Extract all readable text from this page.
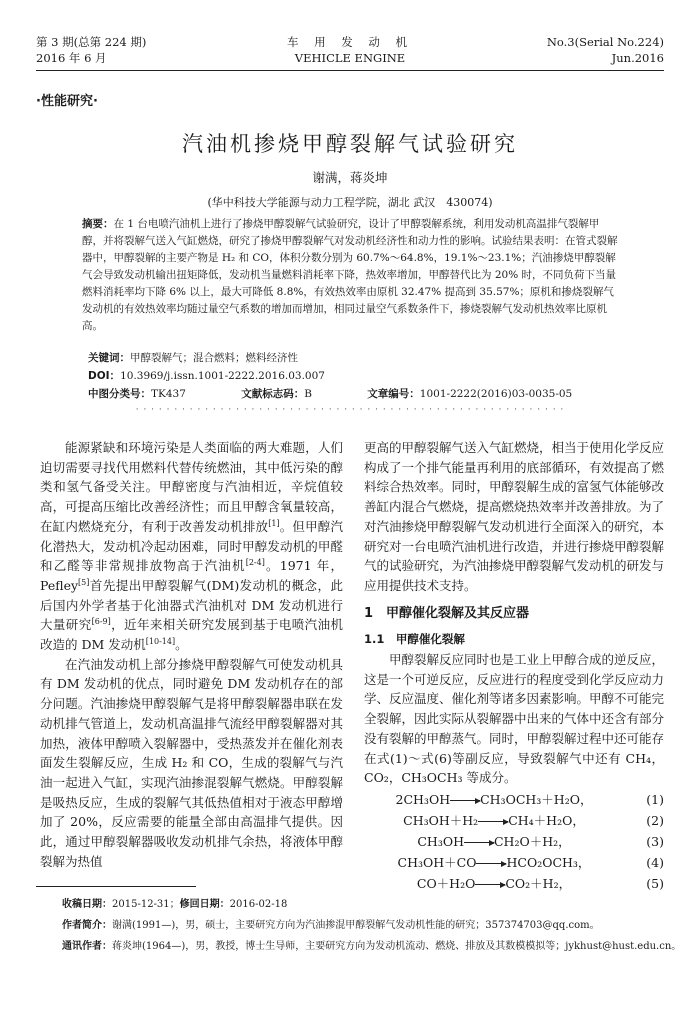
第 3 期(总第 224 期)
2016 年 6 月
车 用 发 动 机
VEHICLE ENGINE
No.3(Serial No.224)
Jun.2016
·性能研究·
汽油机掺烧甲醇裂解气试验研究
谢满，蒋炎坤
(华中科技大学能源与动力工程学院，湖北 武汉　430074)
摘要：在 1 台电喷汽油机上进行了掺烧甲醇裂解气试验研究，设计了甲醇裂解系统，利用发动机高温排气裂解甲醇，并将裂解气送入气缸燃烧，研究了掺烧甲醇裂解气对发动机经济性和动力性的影响。试验结果表明：在管式裂解器中，甲醇裂解的主要产物是 H₂ 和 CO，体积分数分别为 60.7%～64.8%，19.1%～23.1%；汽油掺烧甲醇裂解气会导致发动机输出扭矩降低，发动机当量燃料消耗率下降，热效率增加，甲醇替代比为 20% 时，不同负荷下当量燃料消耗率均下降 6% 以上，最大可降低 8.8%，有效热效率由原机 32.47% 提高到 35.57%；原机和掺烧裂解气发动机的有效热效率均随过量空气系数的增加而增加，相同过量空气系数条件下，掺烧裂解气发动机热效率比原机高。
关键词：甲醇裂解气；混合燃料；燃料经济性
DOI：10.3969/j.issn.1001-2222.2016.03.007
中图分类号：TK437	文献标志码：B	文章编号：1001-2222(2016)03-0035-05
· · · · · · · · · · · · · · · · · · · · · · · · · · · · · · · · · · · · · · · · · · · · · · · · · · · · · · · ·

能源紧缺和环境污染是人类面临的两大难题，人们迫切需要寻找代用燃料代替传统燃油，其中低污染的醇类和氢气备受关注。甲醇密度与汽油相近，辛烷值较高，可提高压缩比改善经济性；而且甲醇含氧量较高，在缸内燃烧充分，有利于改善发动机排放[1]。但甲醇汽化潜热大，发动机冷起动困难，同时甲醇发动机的甲醛和乙醛等非常规排放物高于汽油机[2-4]。1971 年，Pefley[5]首先提出甲醇裂解气(DM)发动机的概念，此后国内外学者基于化油器式汽油机对 DM 发动机进行大量研究[6-9]，近年来相关研究发展到基于电喷汽油机改造的 DM 发动机[10-14]。

在汽油发动机上部分掺烧甲醇裂解气可使发动机具有 DM 发动机的优点，同时避免 DM 发动机存在的部分问题。汽油掺烧甲醇裂解气是将甲醇裂解器串联在发动机排气管道上，发动机高温排气流经甲醇裂解器对其加热，液体甲醇喷入裂解器中，受热蒸发并在催化剂表面发生裂解反应，生成 H₂ 和 CO，生成的裂解气与汽油一起进入气缸，实现汽油掺混裂解气燃烧。甲醇裂解是吸热反应，生成的裂解气其低热值相对于液态甲醇增加了 20%，反应需要的能量全部由高温排气提供。因此，通过甲醇裂解器吸收发动机排气余热，将液体甲醇裂解为热值

更高的甲醇裂解气送入气缸燃烧，相当于使用化学反应构成了一个排气能量再利用的底部循环，有效提高了燃料综合热效率。同时，甲醇裂解生成的富氢气体能够改善缸内混合气燃烧，提高燃烧热效率并改善排放。为了对汽油掺烧甲醇裂解气发动机进行全面深入的研究，本研究对一台电喷汽油机进行改造，并进行掺烧甲醇裂解气的试验研究，为汽油掺烧甲醇裂解气发动机的研发与应用提供技术支持。

1　甲醇催化裂解及其反应器
1.1　甲醇催化裂解

甲醇裂解反应同时也是工业上甲醇合成的逆反应，这是一个可逆反应，反应进行的程度受到化学反应动力学、反应温度、催化剂等诸多因素影响。甲醇不可能完全裂解，因此实际从裂解器中出来的气体中还含有部分没有裂解的甲醇蒸气。同时，甲醇裂解过程中还可能存在式(1)～式(6)等副反应，导致裂解气中还有 CH₄，CO₂，CH₃OCH₃ 等成分。

2CH₃OH CH₃OCH₃＋H₂O，	(1)
CH₃OH＋H₂ CH₄＋H₂O，	(2)
CH₃OH CH₂O＋H₂，	(3)
CH₃OH＋CO HCO₂OCH₃，	(4)
CO＋H₂O CO₂＋H₂，	(5)
收稿日期：2015-12-31；修回日期：2016-02-18
作者简介：谢满(1991—)，男，硕士，主要研究方向为汽油掺混甲醇裂解气发动机性能的研究；357374703@qq.com。
通讯作者：蒋炎坤(1964—)，男，教授，博士生导师，主要研究方向为发动机流动、燃烧、排放及其数模模拟等；jykhust@hust.edu.cn。
